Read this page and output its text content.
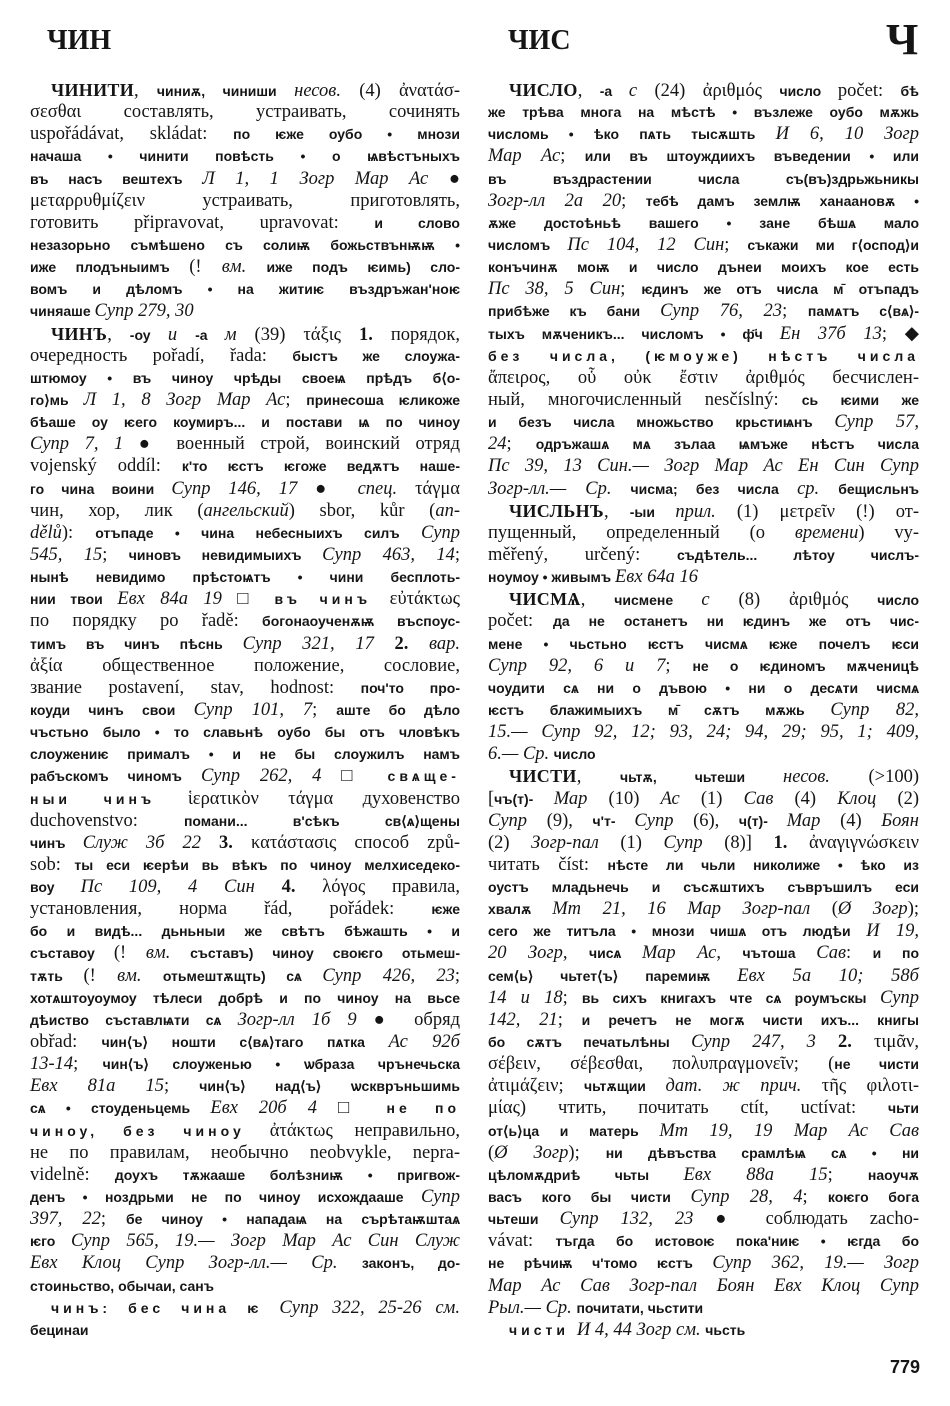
ЧИН	ЧИС	Ч
ЧИНИТИ, чиниѫ, чиниши несов. (4) ἀνατάσ-
σεσθαι составлять, устраивать, сочинять
uspořádávat, skládat: по ѥже оубо • мнози
начаша • чинити повѣсть • о ѩвѣстъныхъ
въ насъ вештехъ Л 1, 1 Зогр Мар Ас ●
μεταρρυθμίζειν устраивать, приготовлять,
готовить připravovat, upravovat: и слово
незазорьно съмѣшено съ солиѭ божьствънѭѭ •
иже плодъныимъ (! вм. иже подъ ѥимь) сло-
вомъ и дѣломъ • на житиѥ въздръжан'ноѥ
чиняаше Супр 279, 30
ЧИНЪ, -оу и -а м (39) τάξις 1. порядок,
очередность pořadí, řada: быстъ же слоужа-
штюмоу • въ чиноу чрѣды своеѩ прѣдъ б⟨о-
го⟩мь Л 1, 8 Зогр Мар Ас; принесоша ѥликоже
бѣаше оу ѥего коумиръ... и постави ѩ по чиноу
Супр 7, 1 ● военный строй, воинский отряд
vojenský oddíl: к'то ѥстъ ѥгоже ведѫтъ наше-
го чина воини Супр 146, 17 ● спец. τάγμα
чин, хор, лик (ангельский) sbor, kůr (an-
dělů): отъпаде • чина небесныихъ силъ Супр
545, 15; чиновъ невидимыихъ Супр 463, 14;
нынѣ невидимо прѣстоѩтъ • чини бесплоть-
нии твои Евх 84а 19 □ въ чинъ εὐτάκτως
по порядку po řadě: богонаоученѫѭ въспоус-
тимъ въ чинъ пѣснь Супр 321, 17 2. вар.
ἀξία общественное положение, сословие,
звание postavení, stav, hodnost: поч'то про-
коуди чинъ свои Супр 101, 7; аште бо дѣло
чъстьно было • то славьнѣ оубо бы отъ чловѣкъ
слоужениѥ прималъ • и не бы слоужилъ намъ
рабъскомъ чиномъ Супр 262, 4 □ свѧще-
ныи чинъ ἱερατικὸν τάγμα духовенство
duchovenstvo: помани... в'сѣкъ св⟨ѧ⟩щены
чинъ Служ 3б 22 3. κατάστασις способ způ-
sob: ты еси ѥерѣи вь вѣкъ по чиноу мелхиседеко-
воу Пс 109, 4 Син 4. λόγος правила,
установления, норма řád, pořádek: ѥже
бо и видѣ... дьньныи же свѣтъ бѣжашть • и
съставоу (! вм. съставъ) чиноу своѥго отьмеш-
тѫть (! вм. отьмештѫщть) сѧ Супр 426, 23;
хотѧштоуоумоу тѣлеси добрѣ и по чиноу на вьсе
дѣиство съставлѩти сѧ Зогр-лл 1б 9 ● обряд
obřad: чин⟨ъ⟩ ношти с⟨вѧ⟩таго пѧтка Ас 92б
13-14; чин⟨ъ⟩ слоуженью • ѡбраза чрънечьска
Евх 81а 15; чин⟨ъ⟩ над⟨ъ⟩ ѡсквръньшимь
сѧ • стоуденьцемь Евх 20б 4 □ не по
чиноу, без чиноу ἀτάκτως неправильно,
не по правилам, необычно neobvykle, nepra-
videlně: доухъ тѫжааше болѣзниѭ • пригвож-
денъ • ноздрьми не по чиноу исхождааше Супр
397, 22; бе чиноу • нападаѩ на сърѣтаѭштаѧ
ѥго Супр 565, 19.— Зогр Мар Ас Син Служ
Евх Клоц Супр Зогр-лл.— Ср. законъ, до-
стоиньство, обычаи, санъ
чинъ: бес чина ѥ Супр 322, 25-26 см.
бецинаи
ЧИСЛО, -а с (24) ἀριθμός число počet: бѣ
же трѣва многа на мѣстѣ • възлеже оубо мѫжь
числомь • ѣко пѧть тысѫшть И 6, 10 Зогр
Мар Ас; или въ штоуждиихъ въведении • или
въ въздрастении числа съ(въ)здрьжьникы
Зогр-лл 2а 20; тебѣ дамъ землѭ ханаановѫ •
ѫже достоѣньѣ вашего • зане бѣшѧ мало
числомъ Пс 104, 12 Син; съкажи ми г⟨оспод⟩и
конъчинѫ моѭ и число дънеи моихъ кое есть
Пс 38, 5 Син; ѥдинъ же отъ числа м̄ отъпадъ
прибѣже къ бани Супр 76, 23; памѧтъ с⟨вѧ⟩-
тыхъ мѫченикъ... числомъ • ф҃ч Ен 37б 13; ◆
без числа, (ѥмоуже) нѣстъ числа
ἄπειρος, οὗ οὐκ ἔστιν ἀριθμός бесчислен-
ный, многочисленный nesčíslný: сь ѥими же
и безъ числа множьство крьстиѩнъ Супр 57,
24; одръжашѧ мѧ зълаа ѩмъже нѣстъ числа
Пс 39, 13 Син.— Зогр Мар Ас Ен Син Супр
Зогр-лл.— Ср. чисма; без числа ср. бещисльнъ
ЧИСЛЬНЪ, -ыи прил. (1) μετρεῖν (!) от-
пущенный, определенный (о времени) vy-
měřený, určený: съдѣтель... лѣтоу числъ-
ноумоу • живымъ Евх 64а 16
ЧИСМѦ, чисмене с (8) ἀριθμός число
počet: да не останетъ ни ѥдинъ же отъ чис-
мене • чьстьно ѥстъ чисмѧ ѥже почелъ ѥси
Супр 92, 6 и 7; не о ѥдиномъ мѫченицѣ
чоудити сѧ ни о дъвою • ни о десѧти чисмѧ
ѥстъ блажимыихъ м̄ сѫтъ мѫжь Супр 82,
15.— Супр 92, 12; 93, 24; 94, 29; 95, 1; 409,
6.— Ср. число
ЧИСТИ, чьтѫ, чьтеши несов. (>100)
[чъ(т)- Мар (10) Ас (1) Сав (4) Клоц (2)
Супр (9), ч'т- Супр (6), ч(т)- Мар (4) Боян
(2) Зогр-пал (1) Супр (8)] 1. ἀναγιγνώσκειν
читать číst: нѣсте ли чьли николиже • ѣко из
оустъ младьнечь и съсѫштихъ съвръшилъ еси
хвалѫ Мт 21, 16 Мар Зогр-пал (Ø Зогр);
сего же титъла • мнози чишѧ отъ людѣи И 19,
20 Зогр, чисѧ Мар Ас, чътоша Сав: и по
сем⟨ь⟩ чьтет⟨ъ⟩ паремиѭ Евх 5а 10; 58б
14 и 18; вь сихъ книгахъ чте сѧ роумъскы Супр
142, 21; и речетъ не могѫ чисти ихъ... книгы
бо сѫтъ печатьлѣны Супр 247, 3 2. τιμᾶν,
σέβειν, σέβεσθαι, πολυπραγμονεῖν; (не чисти
ἀτιμάζειν; чьтѫщии дат. ж прич. τῆς φιλοτι-
μίας) чтить, почитать ctít, uctívat: чьти
от⟨ь⟩ца и матерь Мт 19, 19 Мар Ас Сав
(Ø Зогр); ни дѣвъства срамлѣѩ сѧ • ни
цѣломѫдриѣ чьты Евх 88а 15; наоучѫ
васъ кого бы чисти Супр 28, 4; коѥго бога
чьтеши Супр 132, 23 ● соблюдать zacho-
vávat: тъгда бо истовоѥ пока'ниѥ • ѥгда бо
не рѣчиѭ ч'томо ѥстъ Супр 362, 19.— Зогр
Мар Ас Сав Зогр-пал Боян Евх Клоц Супр
Рыл.— Ср. почитати, чьстити
чисти И 4, 44 Зогр см. чьсть
779
